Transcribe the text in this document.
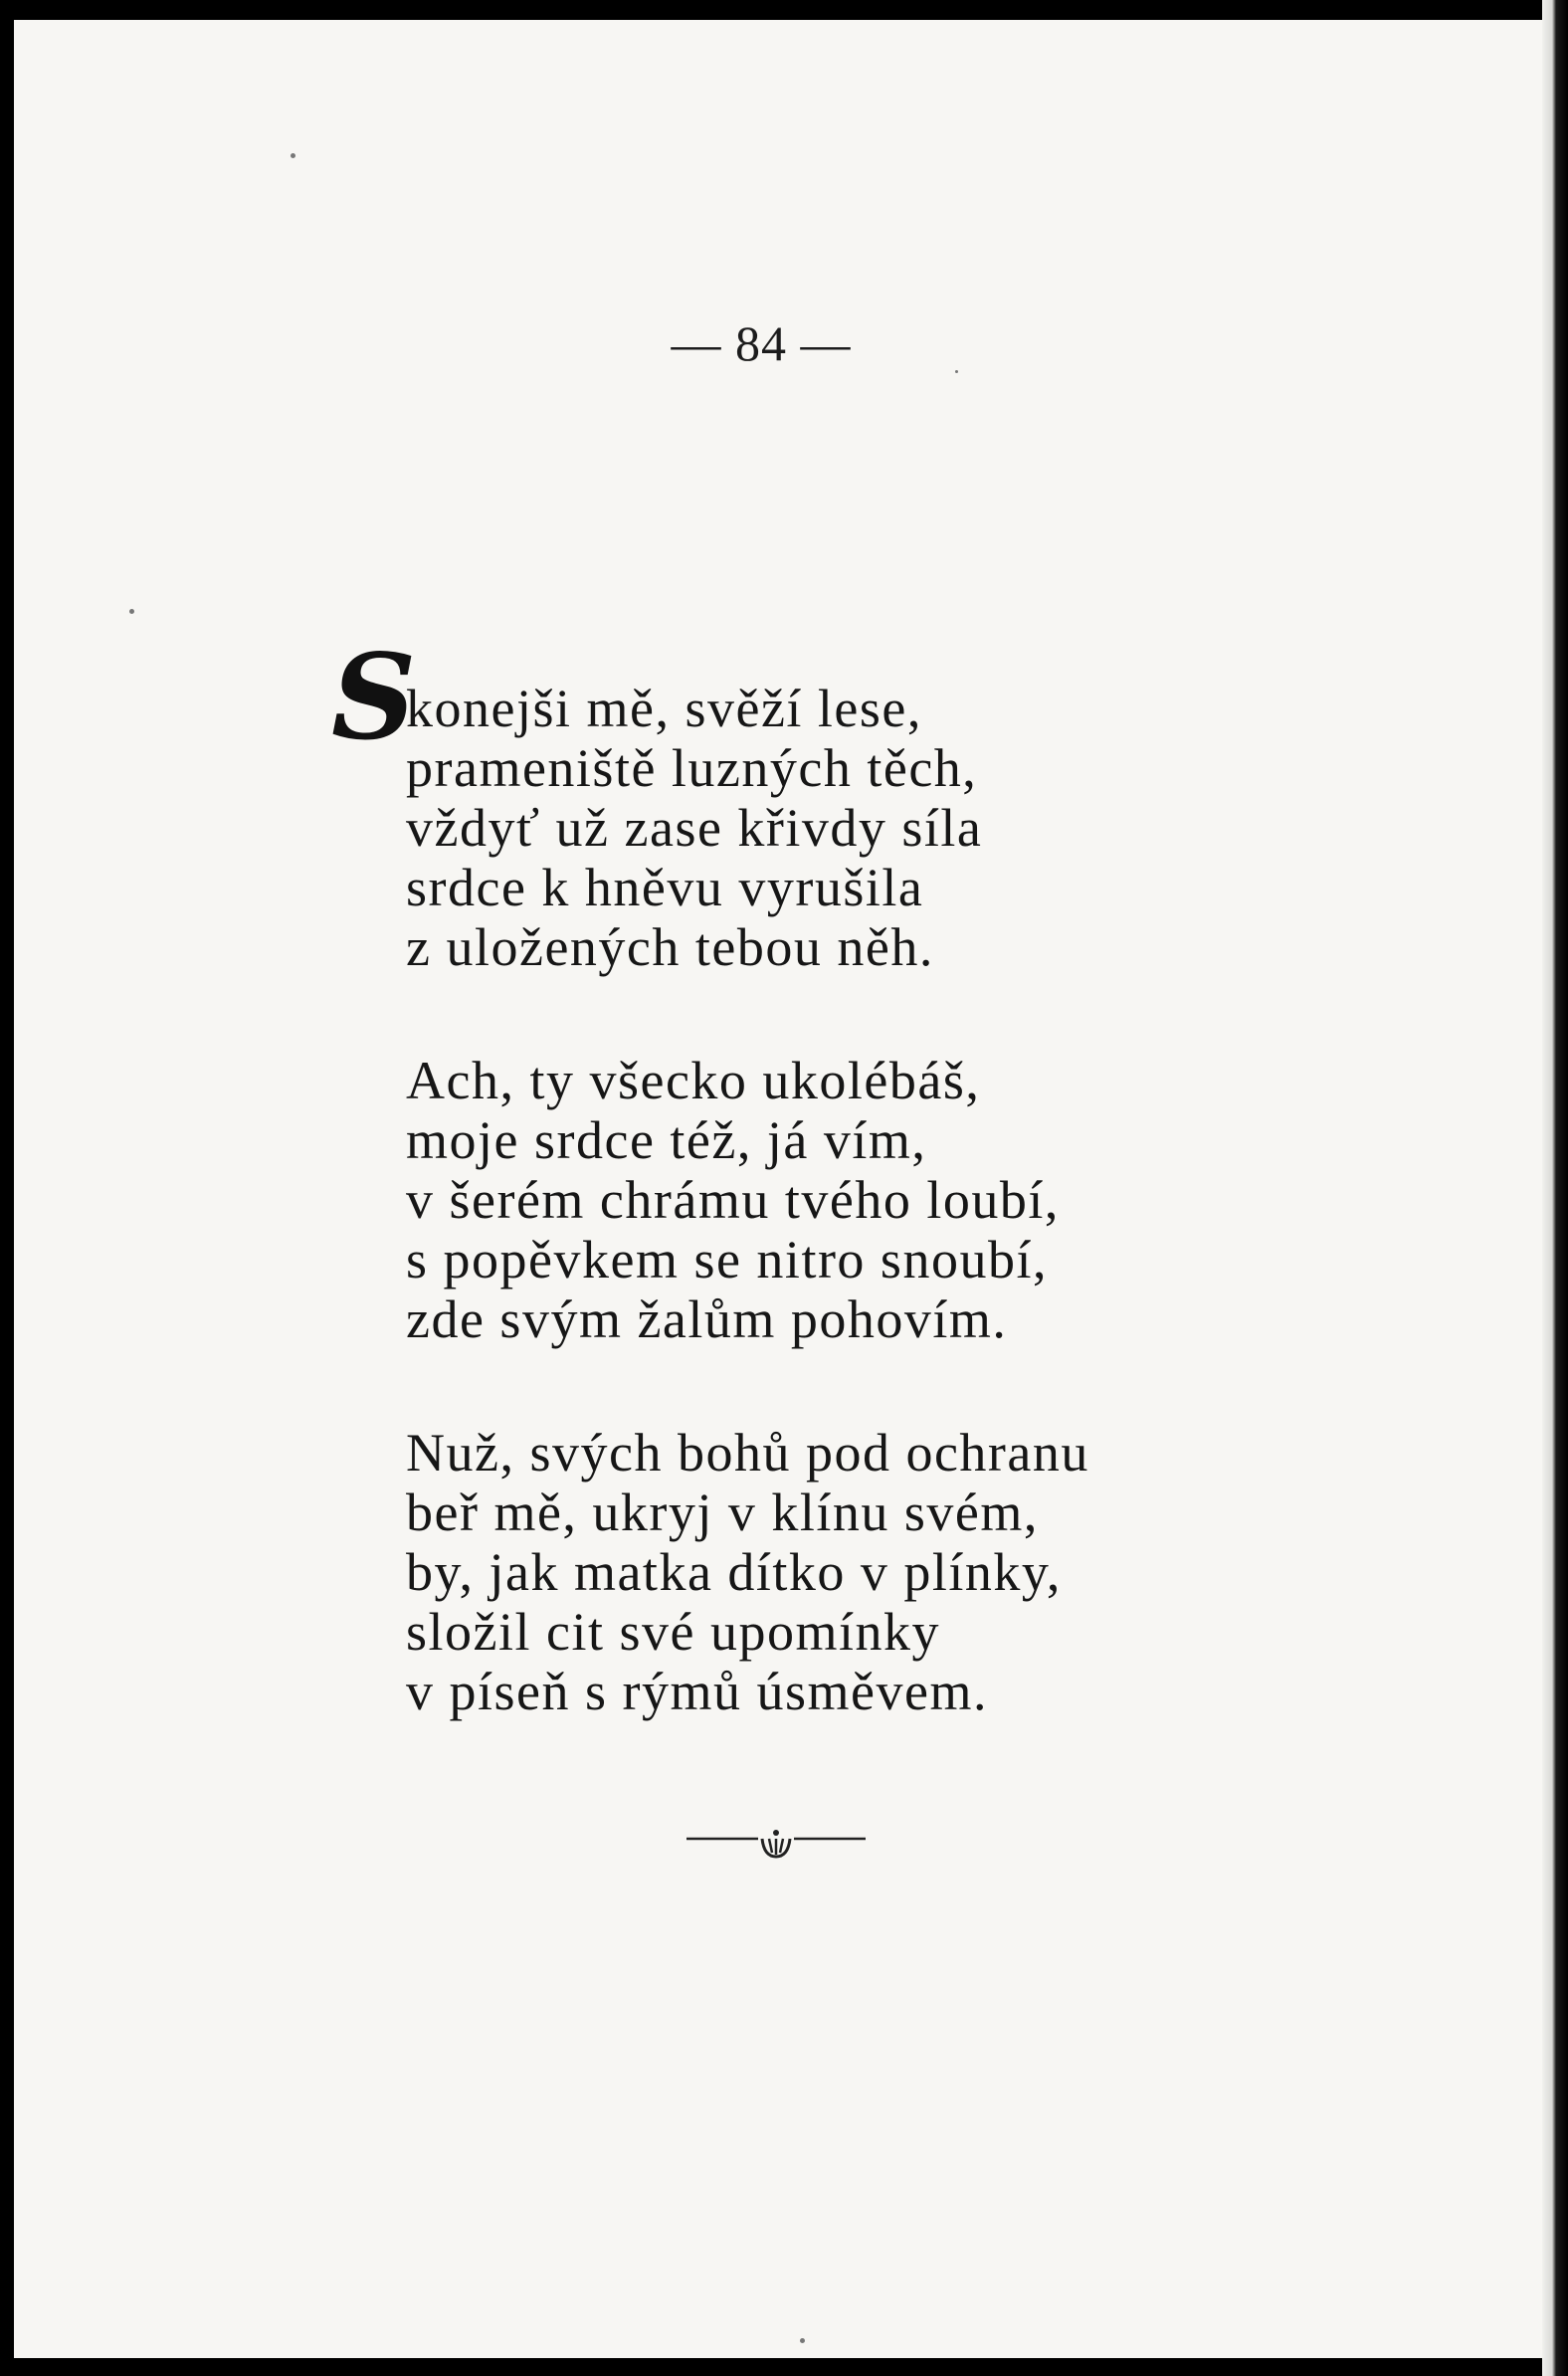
— 84 —
S
konejši mě, svěží lese,
prameniště luzných těch,
vždyť už zase křivdy síla
srdce k hněvu vyrušila
z uložených tebou něh.
Ach, ty všecko ukolébáš,
moje srdce též, já vím,
v šerém chrámu tvého loubí,
s popěvkem se nitro snoubí,
zde svým žalům pohovím.
Nuž, svých bohů pod ochranu
beř mě, ukryj v klínu svém,
by, jak matka dítko v plínky,
složil cit své upomínky
v píseň s rýmů úsměvem.
